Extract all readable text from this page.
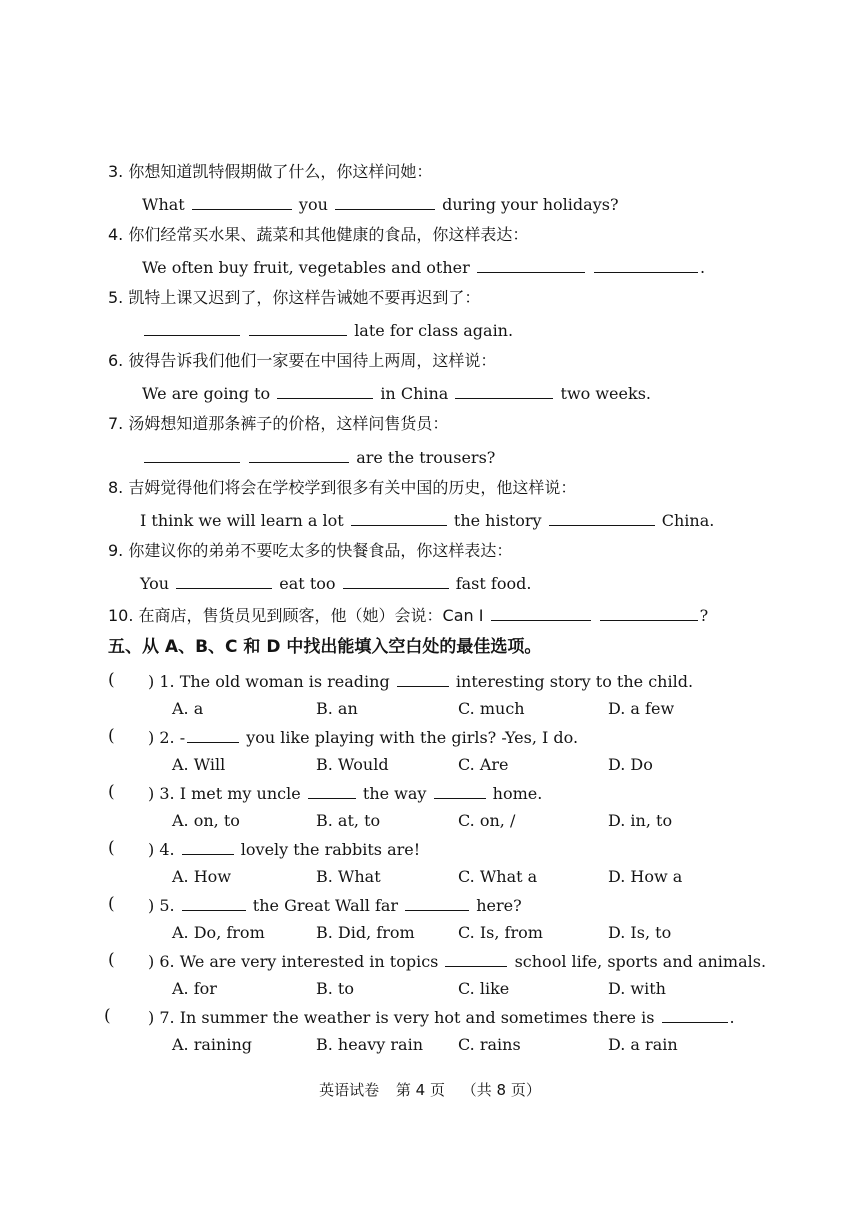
3. 你想知道凯特假期做了什么，你这样问她：
What	you	during your holidays?
4. 你们经常买水果、蔬菜和其他健康的食品，你这样表达：
We often buy fruit, vegetables and other	.
5. 凯特上课又迟到了，你这样告诫她不要再迟到了：
late for class again.
6. 彼得告诉我们他们一家要在中国待上两周，这样说：
We are going to	in China	two weeks.
7. 汤姆想知道那条裤子的价格，这样问售货员：
are the trousers?
8. 吉姆觉得他们将会在学校学到很多有关中国的历史，他这样说：
I think we will learn a lot	the history	China.
9. 你建议你的弟弟不要吃太多的快餐食品，你这样表达：
You	eat too	fast food.
10. 在商店，售货员见到顾客，他（她）会说：Can I	?
五、从 A、B、C 和 D 中找出能填入空白处的最佳选项。
( ) 1. The old woman is reading	interesting story to the child.
A. a	B. an	C. much	D. a few
( ) 2. -	you like playing with the girls? -Yes, I do.
A. Will	B. Would	C. Are	D. Do
( ) 3. I met my uncle	the way	home.
A. on, to	B. at, to	C. on, /	D. in, to
( ) 4.	lovely the rabbits are!
A. How	B. What	C. What a	D. How a
( ) 5.	the Great Wall far	here?
A. Do, from	B. Did, from	C. Is, from	D. Is, to
( ) 6. We are very interested in topics	school life, sports and animals.
A. for	B. to	C. like	D. with
( ) 7. In summer the weather is very hot and sometimes there is	.
A. raining	B. heavy rain C. rains	D. a rain
英语试卷 第 4 页 （共 8 页）
